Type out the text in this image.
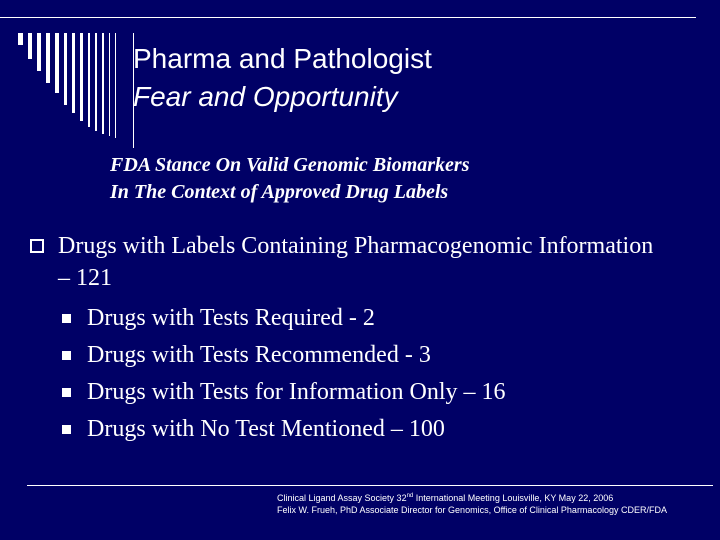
Pharma and Pathologist
Fear and Opportunity
FDA Stance On Valid Genomic Biomarkers
In The Context of Approved Drug Labels
Drugs with Labels Containing Pharmacogenomic Information – 121
Drugs with Tests Required - 2
Drugs with Tests Recommended - 3
Drugs with Tests for Information Only – 16
Drugs with No Test Mentioned – 100
Clinical Ligand Assay Society 32nd International Meeting Louisville, KY May 22, 2006
Felix W. Frueh, PhD Associate Director for Genomics, Office of Clinical Pharmacology CDER/FDA
